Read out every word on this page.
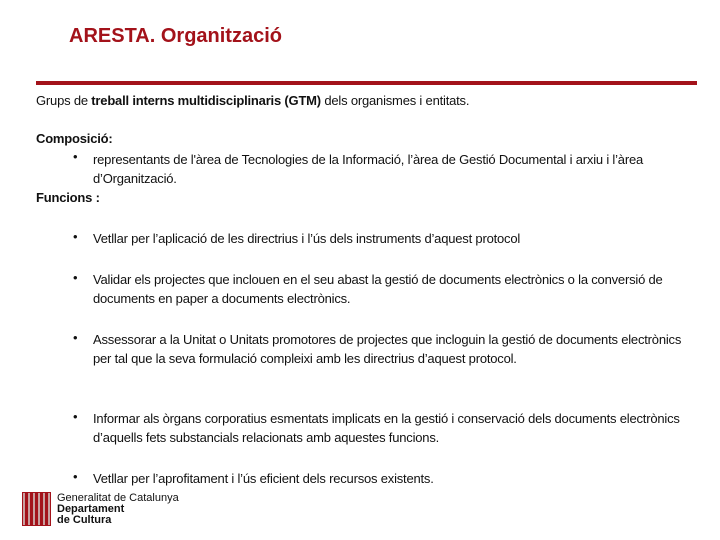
ARESTA. Organització
Grups de treball interns multidisciplinaris (GTM) dels organismes i entitats.
Composició:
• representants de l'àrea de Tecnologies de la Informació, l’àrea de Gestió Documental i arxiu i l’àrea d’Organització.
Funcions :
• Vetllar per l’aplicació de les directrius i l’ús dels instruments d’aquest protocol
• Validar els projectes que inclouen en el seu abast la gestió de documents electrònics o la conversió de documents en paper a documents electrònics.
• Assessorar a la Unitat o Unitats promotores de projectes que incloguin la gestió de documents electrònics per tal que la seva formulació compleixi amb les directrius d’aquest protocol.
• Informar als òrgans corporatius esmentats implicats en la gestió i conservació dels documents electrònics d’aquells fets substancials relacionats amb aquestes funcions.
• Vetllar per l’aprofitament i l’ús eficient dels recursos existents.
Generalitat de Catalunya
Departament
de Cultura
